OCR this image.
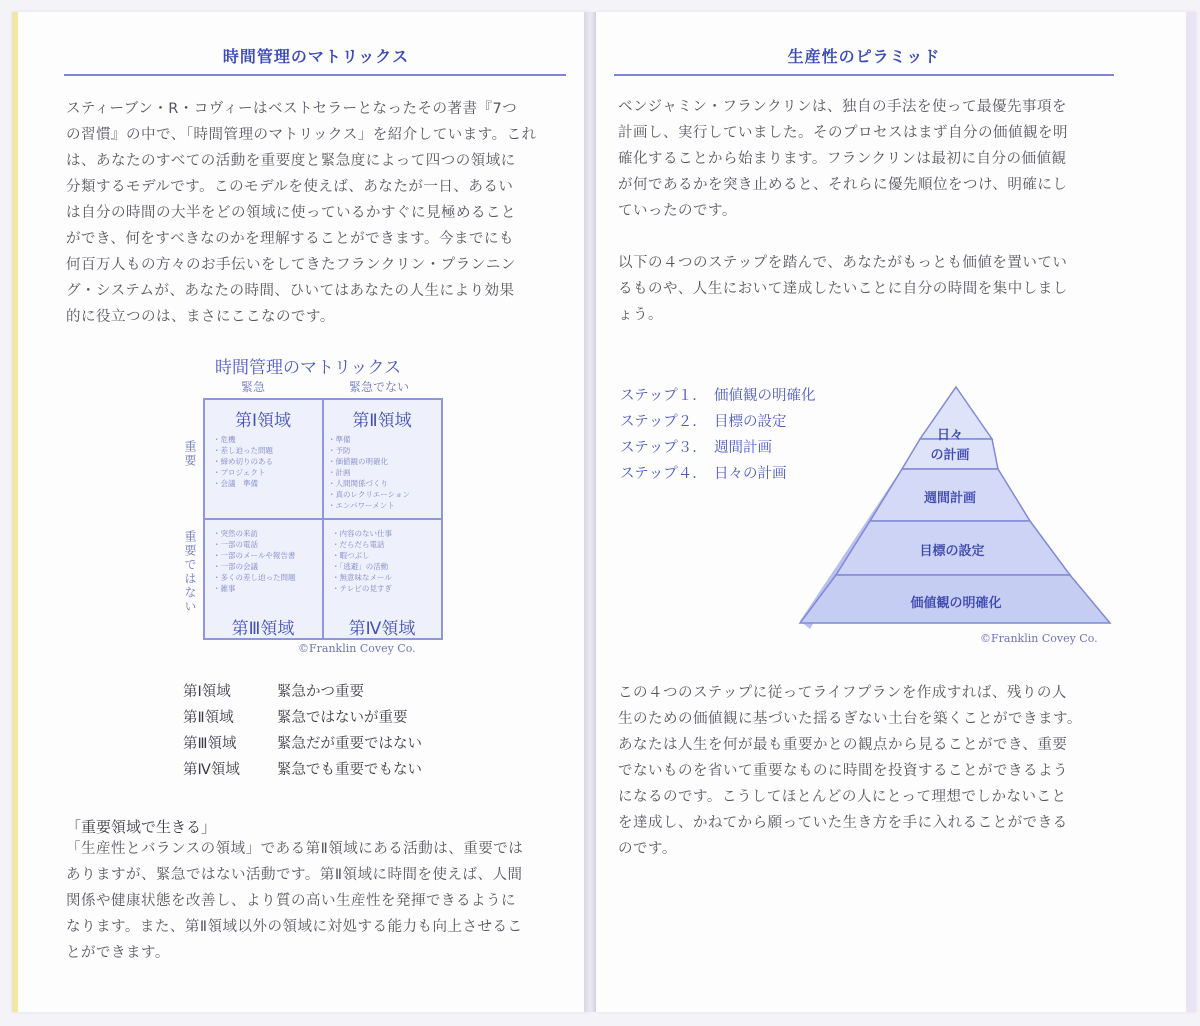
時間管理のマトリックス
スティーブン・R・コヴィーはベストセラーとなったその著書『7つ
の習慣』の中で、「時間管理のマトリックス」を紹介しています。これ
は、あなたのすべての活動を重要度と緊急度によって四つの領域に
分類するモデルです。このモデルを使えば、あなたが一日、あるい
は自分の時間の大半をどの領域に使っているかすぐに見極めること
ができ、何をすべきなのかを理解することができます。今までにも
何百万人もの方々のお手伝いをしてきたフランクリン・プランニン
グ・システムが、あなたの時間、ひいてはあなたの人生により効果
的に役立つのは、まさにここなのです。
時間管理のマトリックス
緊急	緊急でない
重要
重要ではない
第Ⅰ領域
・ 危機
・ 差し迫った問題
・ 締め切りのある
・ プロジェクト
・ 会議　準備
第Ⅱ領域
・ 準備
・ 予防
・ 価値観の明確化
・ 計画
・ 人間関係づくり
・ 真のレクリエーション
・ エンパワーメント
・ 突然の来訪
・ 一部の電話
・ 一部のメールや報告書
・ 一部の会議
・ 多くの差し迫った問題
・ 雑事
第Ⅲ領域
・ 内容のない仕事
・ だらだら電話
・ 暇つぶし
・ 「逃避」の活動
・ 無意味なメール
・ テレビの見すぎ
第Ⅳ領域
©Franklin Covey Co.
第Ⅰ領域	緊急かつ重要
第Ⅱ領域	緊急ではないが重要
第Ⅲ領域	緊急だが重要ではない
第Ⅳ領域	緊急でも重要でもない
「重要領域で生きる」
「生産性とバランスの領域」である第Ⅱ領域にある活動は、重要では
ありますが、緊急ではない活動です。第Ⅱ領域に時間を使えば、人間
関係や健康状態を改善し、より質の高い生産性を発揮できるように
なります。また、第Ⅱ領域以外の領域に対処する能力も向上させるこ
とができます。
生産性のピラミッド
ベンジャミン・フランクリンは、独自の手法を使って最優先事項を
計画し、実行していました。そのプロセスはまず自分の価値観を明
確化することから始まります。フランクリンは最初に自分の価値観
が何であるかを突き止めると、それらに優先順位をつけ、明確にし
ていったのです。
以下の４つのステップを踏んで、あなたがもっとも価値を置いてい
るものや、人生において達成したいことに自分の時間を集中しまし
ょう。
ステップ１. 価値観の明確化
ステップ２. 目標の設定
ステップ３. 週間計画
ステップ４. 日々の計画
日々
の計画
週間計画
目標の設定
価値観の明確化
©Franklin Covey Co.
この４つのステップに従ってライフプランを作成すれば、残りの人
生のための価値観に基づいた揺るぎない土台を築くことができます。
あなたは人生を何が最も重要かとの観点から見ることができ、重要
でないものを省いて重要なものに時間を投資することができるよう
になるのです。こうしてほとんどの人にとって理想でしかないこと
を達成し、かねてから願っていた生き方を手に入れることができる
のです。
